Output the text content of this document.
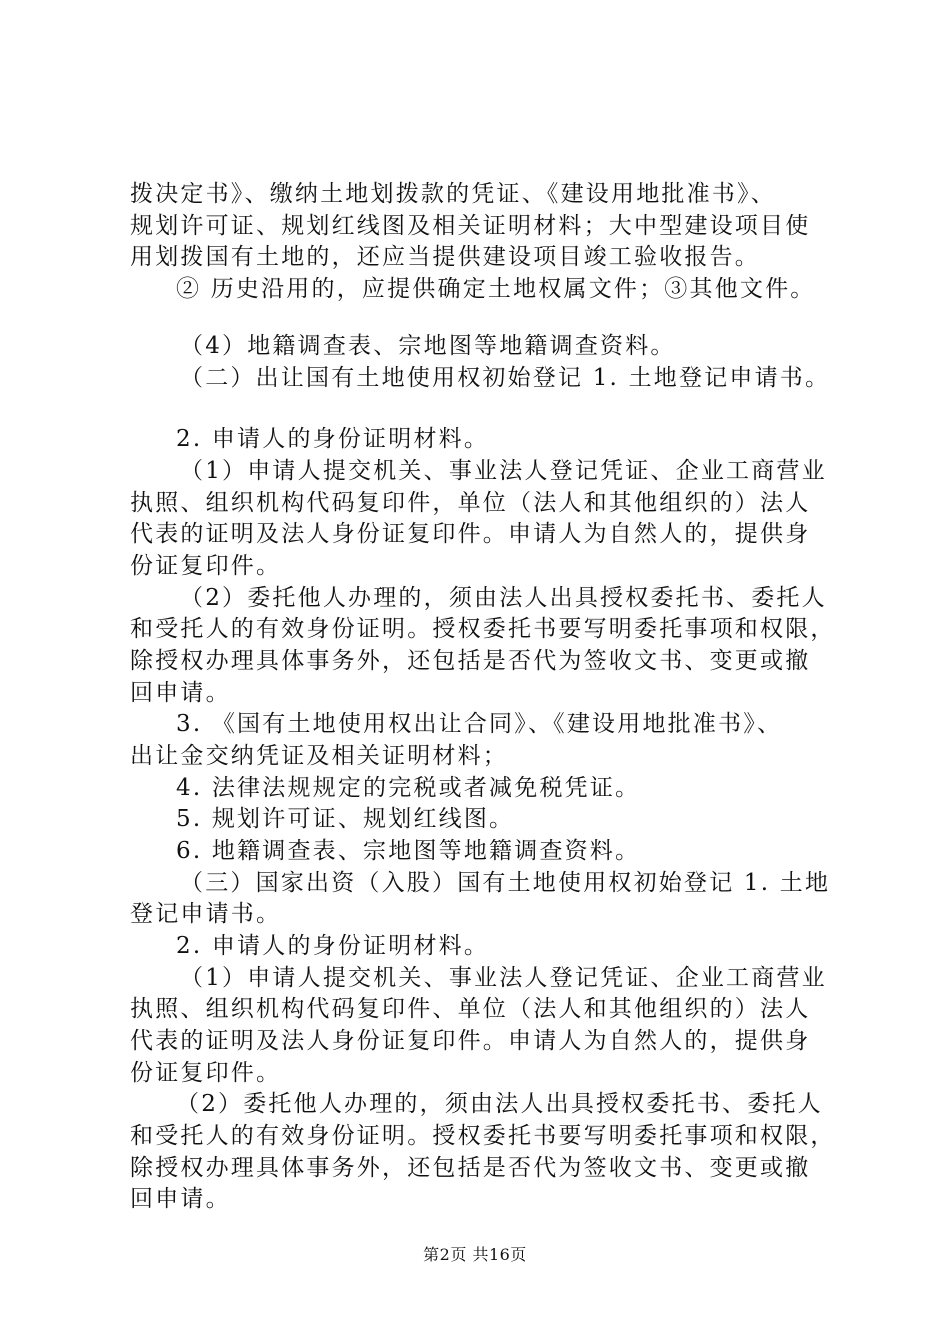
拨决定书》、缴纳土地划拨款的凭证、《建设用地批准书》、
规划许可证、规划红线图及相关证明材料；大中型建设项目使
用划拨国有土地的，还应当提供建设项目竣工验收报告。
② 历史沿用的，应提供确定土地权属文件；③其他文件。
（4）地籍调查表、宗地图等地籍调查资料。
（二）出让国有土地使用权初始登记 1. 土地登记申请书。
2. 申请人的身份证明材料。
（1）申请人提交机关、事业法人登记凭证、企业工商营业
执照、组织机构代码复印件，单位（法人和其他组织的）法人
代表的证明及法人身份证复印件。申请人为自然人的，提供身
份证复印件。
（2）委托他人办理的，须由法人出具授权委托书、委托人
和受托人的有效身份证明。授权委托书要写明委托事项和权限，
除授权办理具体事务外，还包括是否代为签收文书、变更或撤
回申请。
3. 《国有土地使用权出让合同》、《建设用地批准书》、
出让金交纳凭证及相关证明材料；
4. 法律法规规定的完税或者减免税凭证。
5. 规划许可证、规划红线图。
6. 地籍调查表、宗地图等地籍调查资料。
（三）国家出资（入股）国有土地使用权初始登记 1. 土地
登记申请书。
2. 申请人的身份证明材料。
（1）申请人提交机关、事业法人登记凭证、企业工商营业
执照、组织机构代码复印件、单位（法人和其他组织的）法人
代表的证明及法人身份证复印件。申请人为自然人的，提供身
份证复印件。
（2）委托他人办理的，须由法人出具授权委托书、委托人
和受托人的有效身份证明。授权委托书要写明委托事项和权限，
除授权办理具体事务外，还包括是否代为签收文书、变更或撤
回申请。
第2页 共16页
